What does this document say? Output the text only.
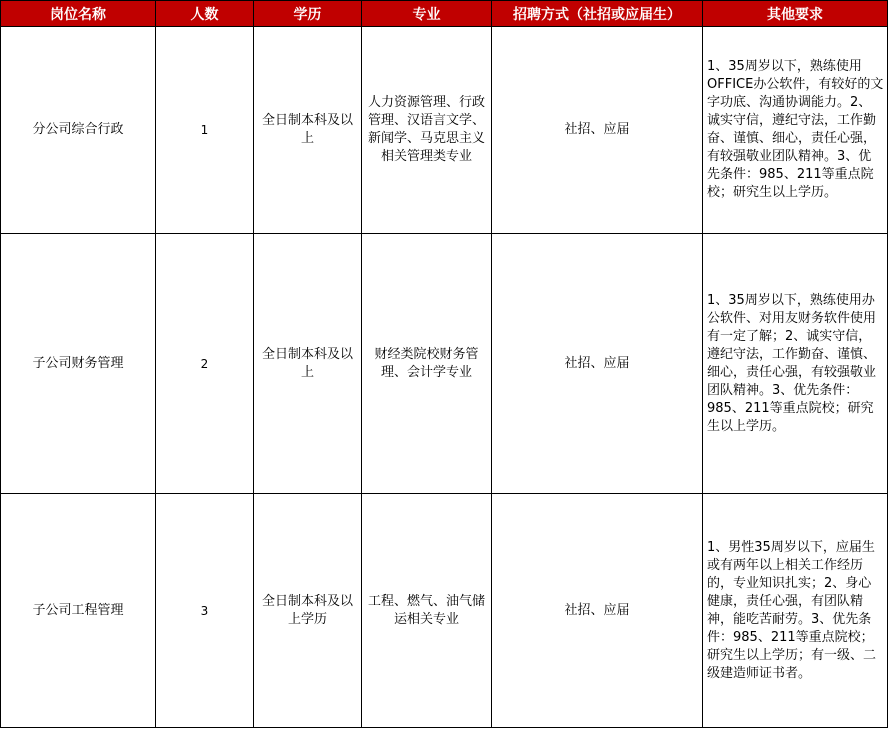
岗位名称	人数	学历	专业	招聘方式（社招或应届生）	其他要求
分公司综合行政	1	全日制本科及以上	人力资源管理、行政管理、汉语言文学、新闻学、马克思主义相关管理类专业	社招、应届	1、35周岁以下，熟练使用OFFICE办公软件，有较好的文字功底、沟通协调能力。2、诚实守信，遵纪守法，工作勤奋、谨慎、细心，责任心强，有较强敬业团队精神。3、优先条件：985、211等重点院校；研究生以上学历。
子公司财务管理	2	全日制本科及以上	财经类院校财务管理、会计学专业	社招、应届	1、35周岁以下，熟练使用办公软件、对用友财务软件使用有一定了解；2、诚实守信，遵纪守法，工作勤奋、谨慎、细心，责任心强，有较强敬业团队精神。3、优先条件：985、211等重点院校；研究生以上学历。
子公司工程管理	3	全日制本科及以上学历	工程、燃气、油气储运相关专业	社招、应届	1、男性35周岁以下，应届生或有两年以上相关工作经历的，专业知识扎实；2、身心健康，责任心强，有团队精神，能吃苦耐劳。3、优先条件：985、211等重点院校；研究生以上学历；有一级、二级建造师证书者。
